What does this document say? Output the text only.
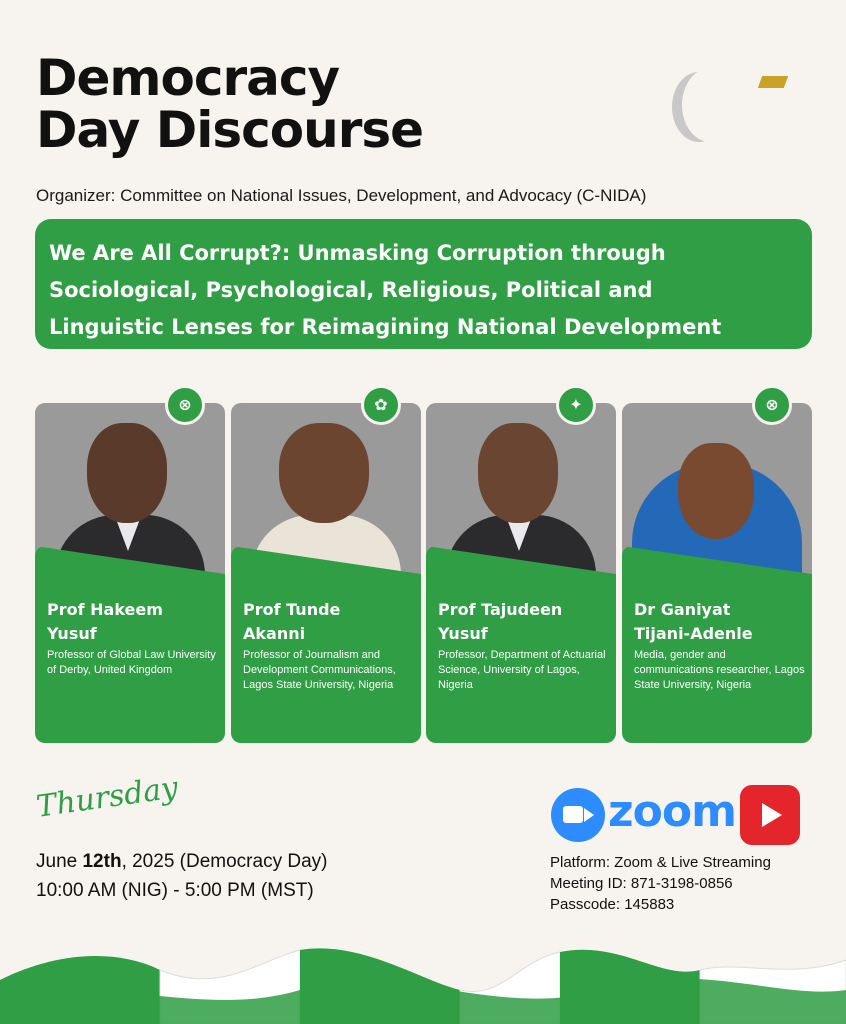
Democracy
Day Discourse
Organizer: Committee on National Issues, Development, and Advocacy (C-NIDA)
We Are All Corrupt?: Unmasking Corruption through
Sociological, Psychological, Religious, Political and
Linguistic Lenses for Reimagining National Development
⊗
Prof Hakeem
Yusuf
Professor of Global Law University of Derby, United Kingdom
✿
Prof Tunde
Akanni
Professor of Journalism and Development Communications, Lagos State University, Nigeria
✦
Prof Tajudeen
Yusuf
Professor, Department of Actuarial Science, University of Lagos, Nigeria
⊗
Dr Ganiyat
Tijani-Adenle
Media, gender and communications researcher, Lagos State University, Nigeria
Thursday
June 12th, 2025 (Democracy Day)
10:00 AM (NIG) - 5:00 PM (MST)
zoom
Platform: Zoom & Live Streaming
Meeting ID: 871-3198-0856
Passcode: 145883
